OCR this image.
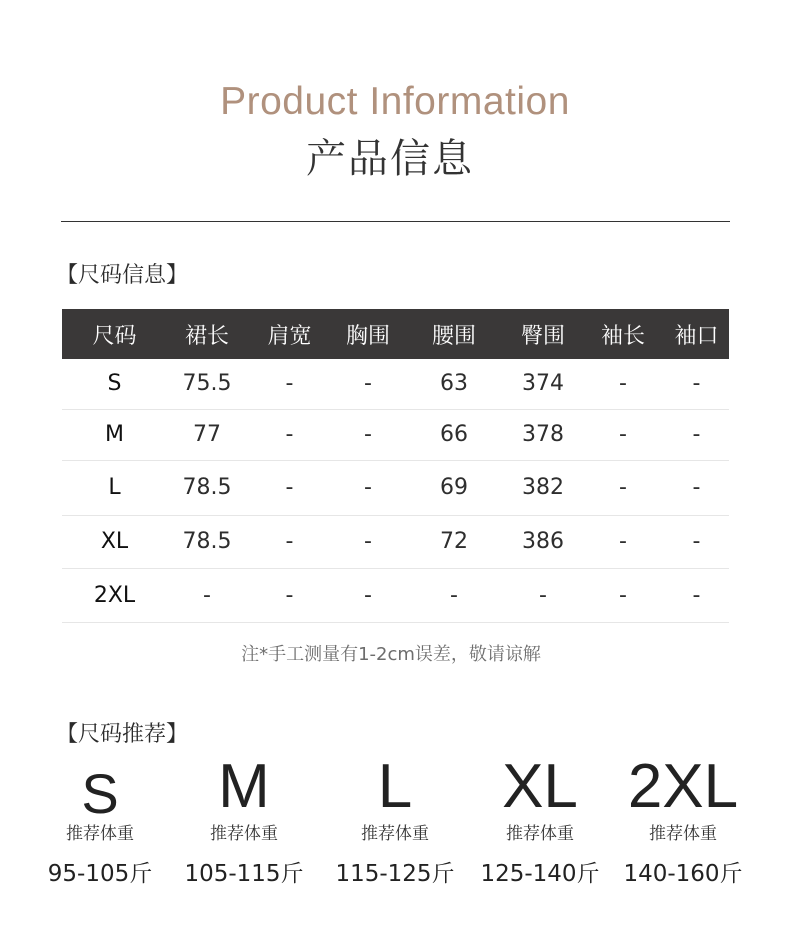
Product Information
产品信息
【尺码信息】
尺码	裙长	肩宽	胸围	腰围	臀围	袖长	袖口
S	75.5	-	-	63	374	-	-
M	77	-	-	66	378	-	-
L	78.5	-	-	69	382	-	-
XL	78.5	-	-	72	386	-	-
2XL	-	-	-	-	-	-	-
注*手工测量有1-2cm误差，敬请谅解
【尺码推荐】
S
推荐体重
95-105斤
M
推荐体重
105-115斤
L
推荐体重
115-125斤
XL
推荐体重
125-140斤
2XL
推荐体重
140-160斤
